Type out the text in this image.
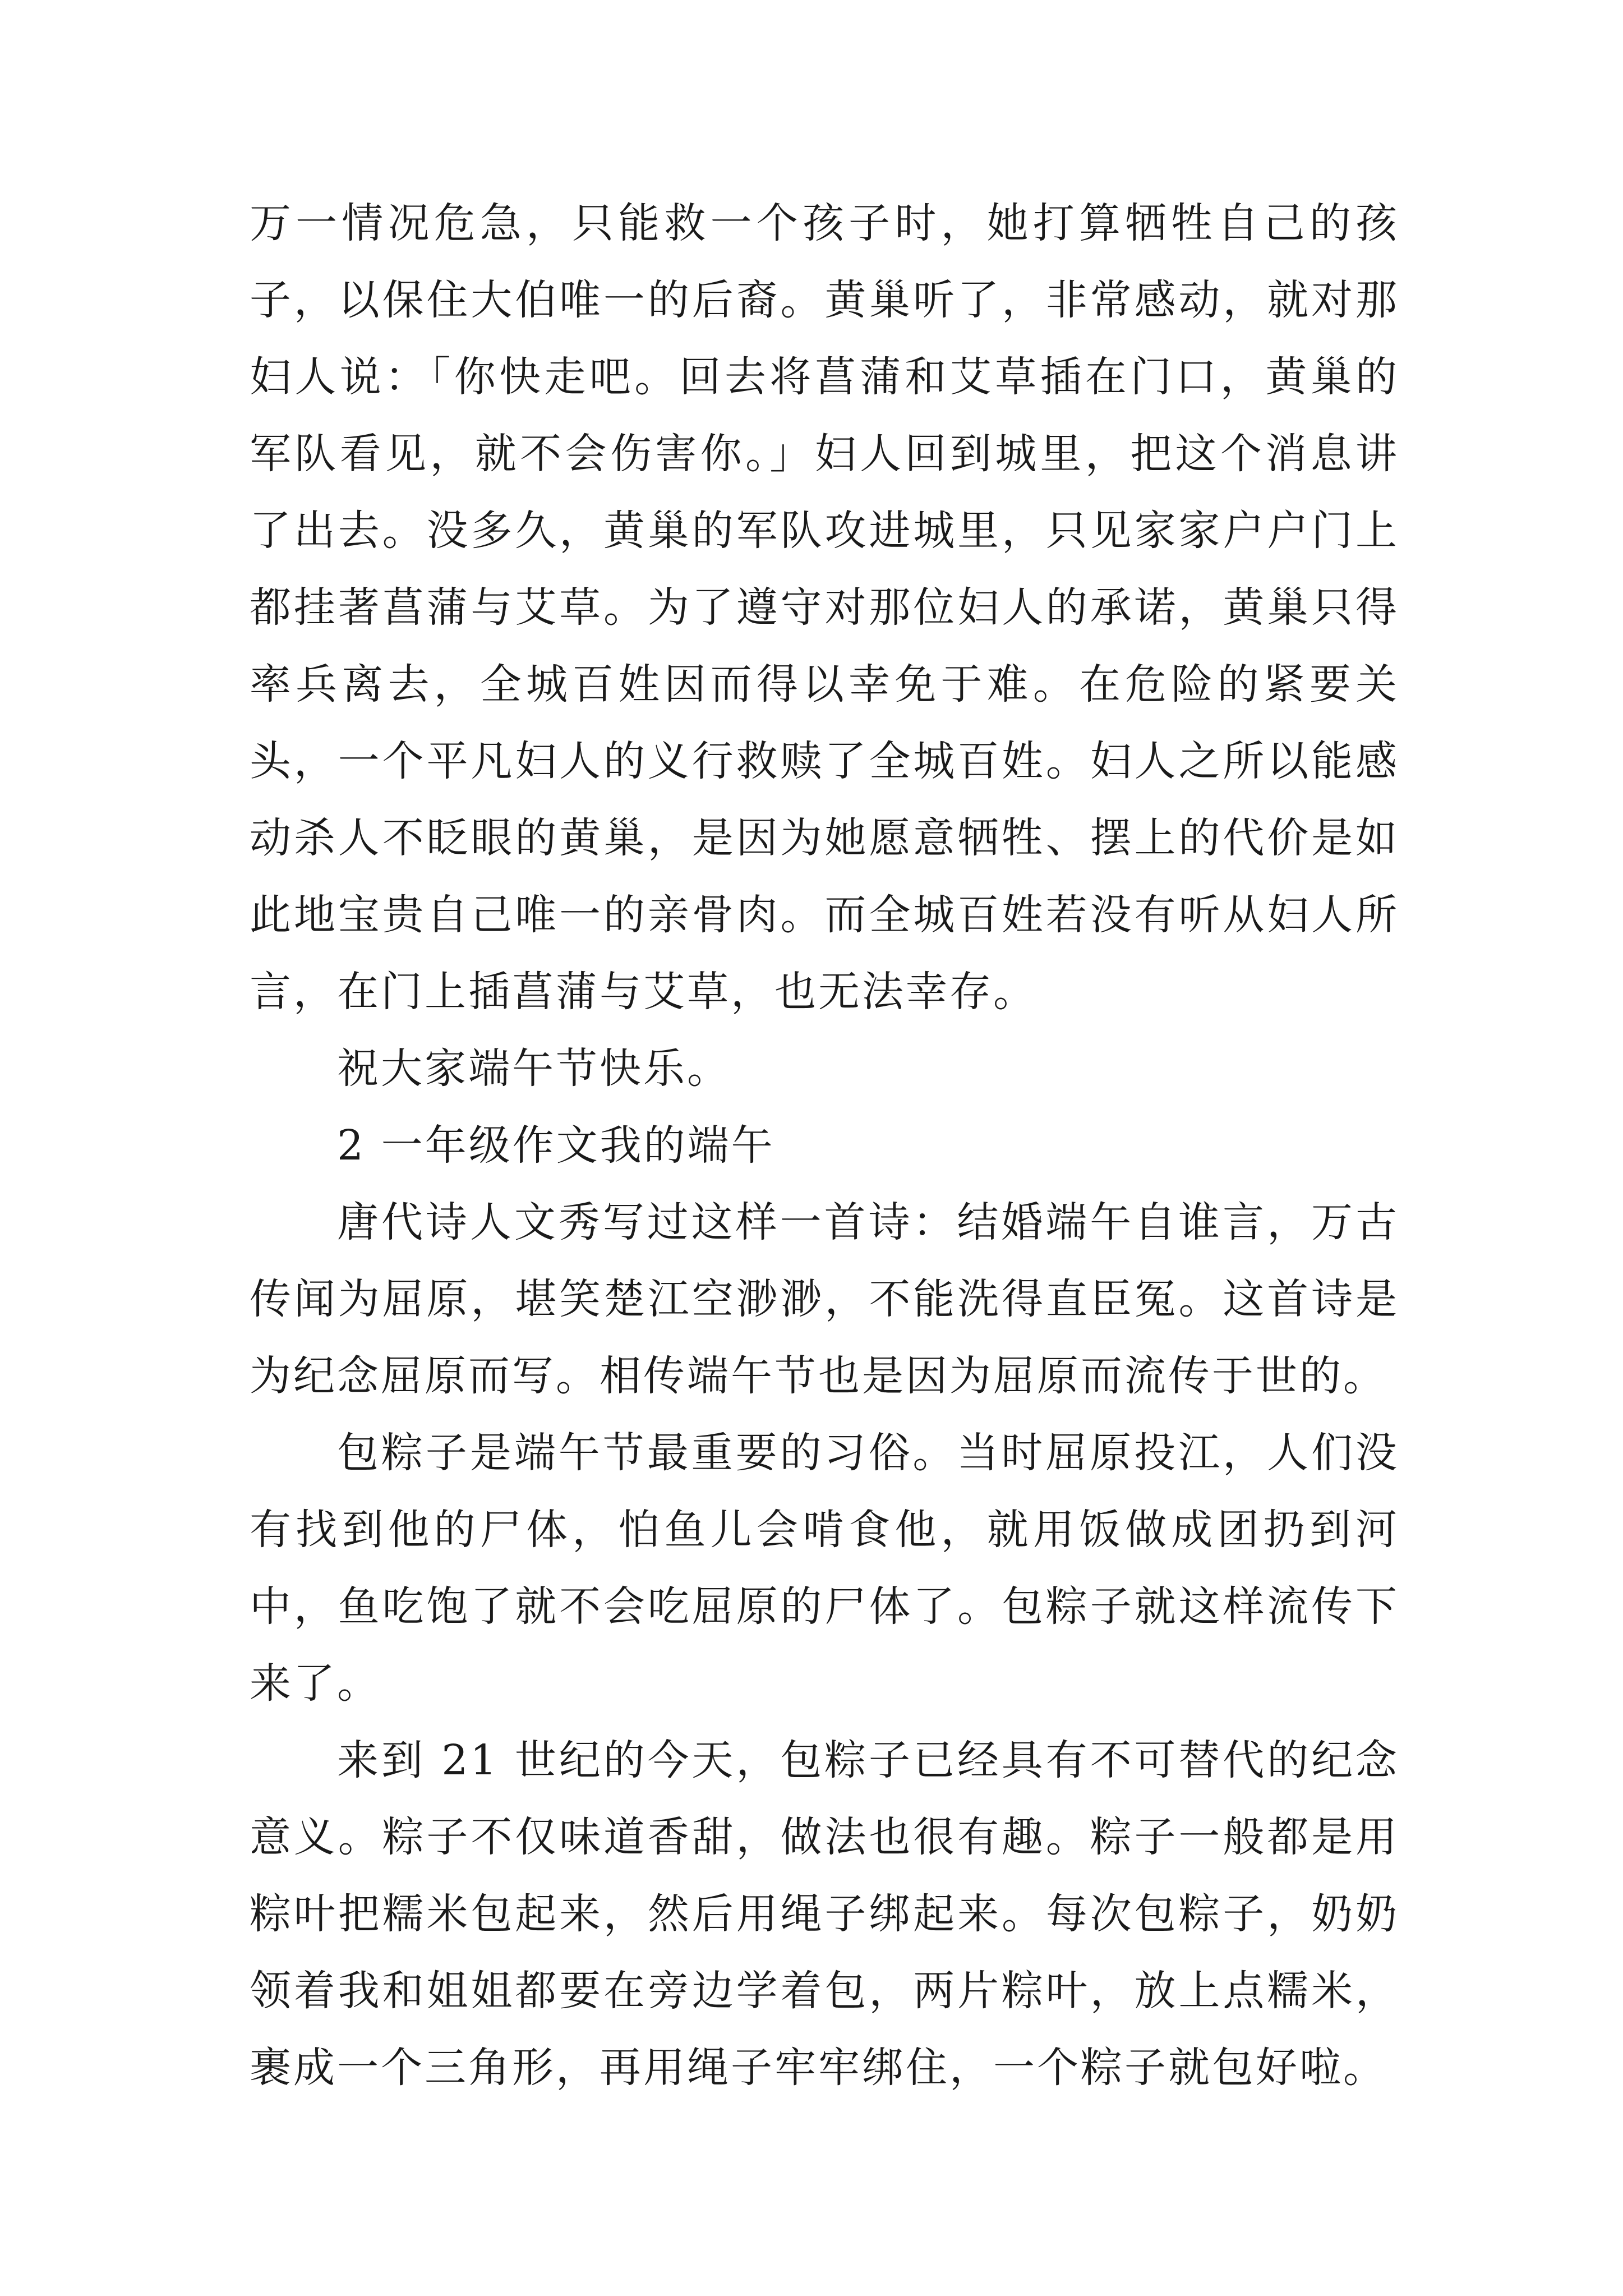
万一情况危急，只能救一个孩子时，她打算牺牲自己的孩子，以保住大伯唯一的后裔。黄巢听了，非常感动，就对那妇人说：「你快走吧。回去将菖蒲和艾草插在门口，黄巢的军队看见，就不会伤害你。」妇人回到城里，把这个消息讲了出去。没多久，黄巢的军队攻进城里，只见家家户户门上都挂著菖蒲与艾草。为了遵守对那位妇人的承诺，黄巢只得率兵离去，全城百姓因而得以幸免于难。在危险的紧要关头，一个平凡妇人的义行救赎了全城百姓。妇人之所以能感动杀人不眨眼的黄巢，是因为她愿意牺牲、摆上的代价是如此地宝贵自己唯一的亲骨肉。而全城百姓若没有听从妇人所言，在门上插菖蒲与艾草，也无法幸存。

祝大家端午节快乐。

2 一年级作文我的端午

唐代诗人文秀写过这样一首诗：结婚端午自谁言，万古传闻为屈原，堪笑楚江空渺渺，不能洗得直臣冤。这首诗是为纪念屈原而写。相传端午节也是因为屈原而流传于世的。

包粽子是端午节最重要的习俗。当时屈原投江，人们没有找到他的尸体，怕鱼儿会啃食他，就用饭做成团扔到河中，鱼吃饱了就不会吃屈原的尸体了。包粽子就这样流传下来了。

来到 21 世纪的今天，包粽子已经具有不可替代的纪念意义。粽子不仅味道香甜，做法也很有趣。粽子一般都是用粽叶把糯米包起来，然后用绳子绑起来。每次包粽子，奶奶领着我和姐姐都要在旁边学着包，两片粽叶，放上点糯米，裹成一个三角形，再用绳子牢牢绑住，一个粽子就包好啦。
